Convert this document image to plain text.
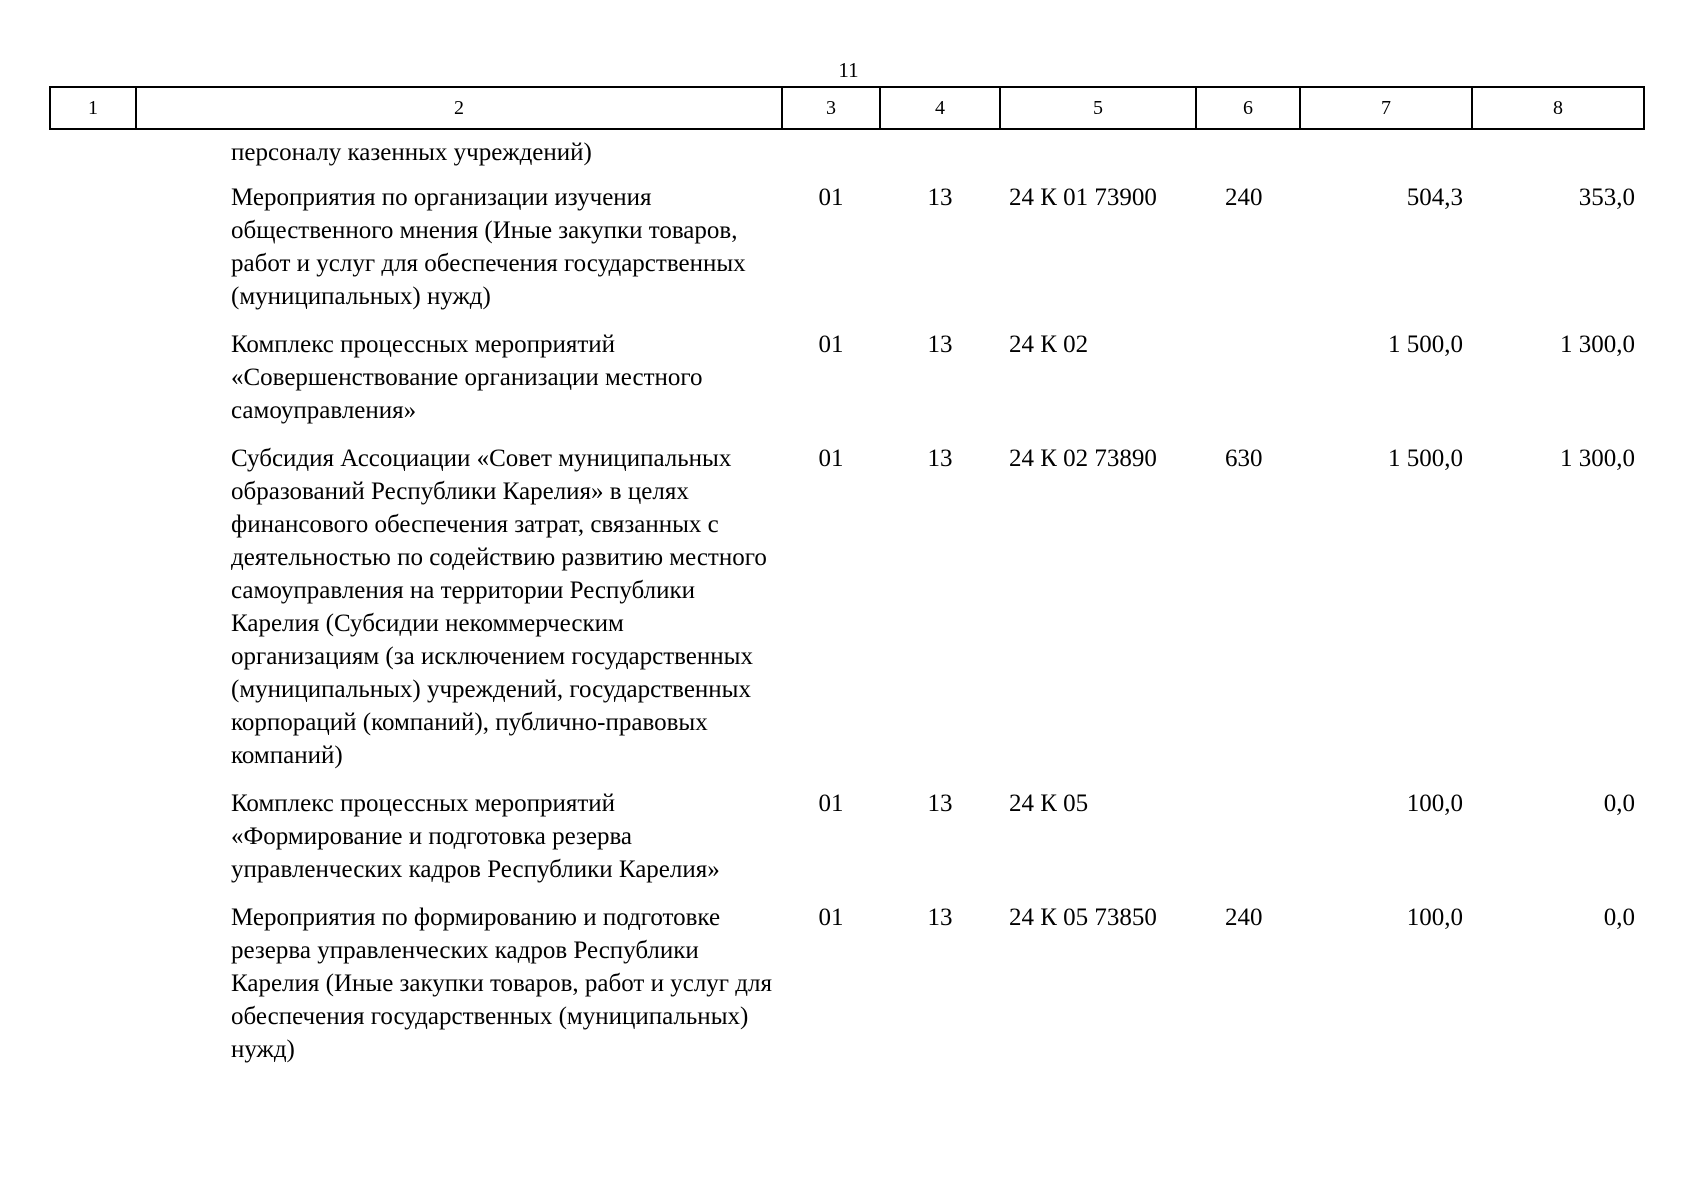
11
1	2	3	4	5	6	7	8
	персоналу казенных учреждений)						
	Мероприятия по организации изучения общественного мнения (Иные закупки товаров, работ и услуг для обеспечения государственных (муниципальных) нужд)	01	13	24 К 01 73900	240	504,3	353,0
	Комплекс процессных мероприятий «Совершенствование организации местного самоуправления»	01	13	24 К 02		1 500,0	1 300,0
	Субсидия Ассоциации «Совет муниципальных образований Республики Карелия» в целях финансового обеспечения затрат, связанных с деятельностью по содействию развитию местного самоуправления на территории Республики Карелия (Субсидии некоммерческим организациям (за исключением государственных (муниципальных) учреждений, государственных корпораций (компаний), публично-правовых компаний)	01	13	24 К 02 73890	630	1 500,0	1 300,0
	Комплекс процессных мероприятий «Формирование и подготовка резерва управленческих кадров Республики Карелия»	01	13	24 К 05		100,0	0,0
	Мероприятия по формированию и подготовке резерва управленческих кадров Республики Карелия (Иные закупки товаров, работ и услуг для обеспечения государственных (муниципальных) нужд)	01	13	24 К 05 73850	240	100,0	0,0
